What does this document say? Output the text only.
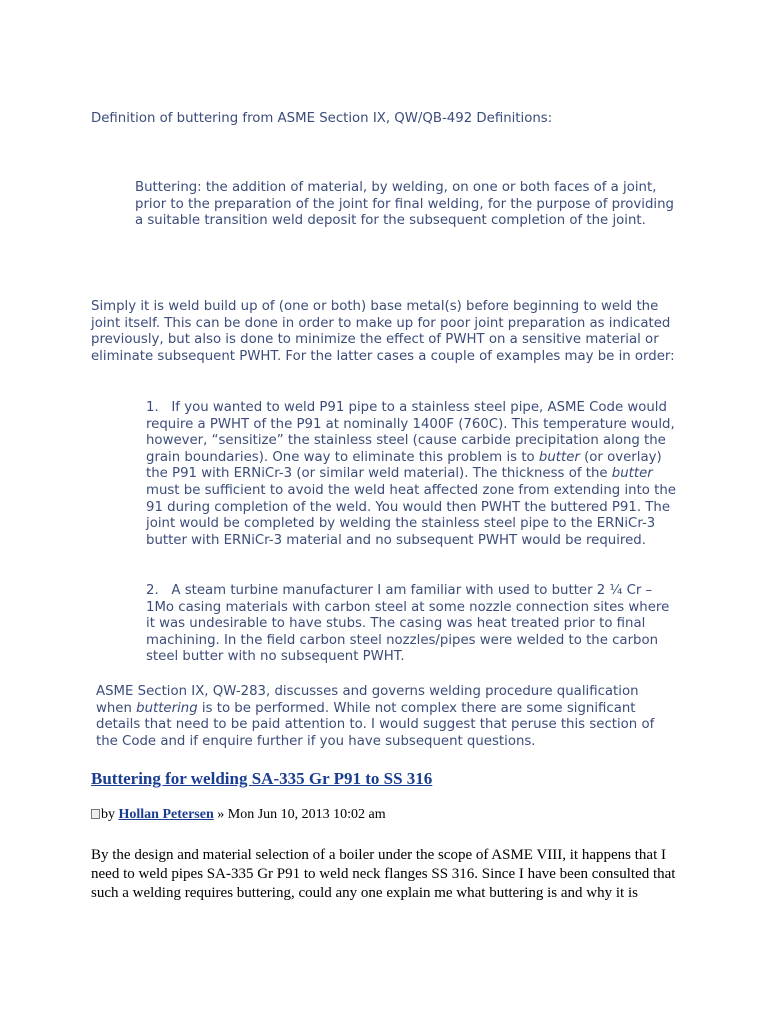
Definition of buttering from ASME Section IX, QW/QB-492 Definitions:

Buttering: the addition of material, by welding, on one or both faces of a joint, prior to the preparation of the joint for final welding, for the purpose of providing a suitable transition weld deposit for the subsequent completion of the joint.

Simply it is weld build up of (one or both) base metal(s) before beginning to weld the joint itself. This can be done in order to make up for poor joint preparation as indicated previously, but also is done to minimize the effect of PWHT on a sensitive material or eliminate subsequent PWHT. For the latter cases a couple of examples may be in order:

1. If you wanted to weld P91 pipe to a stainless steel pipe, ASME Code would require a PWHT of the P91 at nominally 1400F (760C). This temperature would, however, “sensitize” the stainless steel (cause carbide precipitation along the grain boundaries). One way to eliminate this problem is to butter (or overlay) the P91 with ERNiCr-3 (or similar weld material). The thickness of the butter must be sufficient to avoid the weld heat affected zone from extending into the 91 during completion of the weld. You would then PWHT the buttered P91. The joint would be completed by welding the stainless steel pipe to the ERNiCr-3 butter with ERNiCr-3 material and no subsequent PWHT would be required.
2. A steam turbine manufacturer I am familiar with used to butter 2 ¼ Cr – 1Mo casing materials with carbon steel at some nozzle connection sites where it was undesirable to have stubs. The casing was heat treated prior to final machining. In the field carbon steel nozzles/pipes were welded to the carbon steel butter with no subsequent PWHT.

ASME Section IX, QW-283, discusses and governs welding procedure qualification when buttering is to be performed. While not complex there are some significant details that need to be paid attention to. I would suggest that peruse this section of the Code and if enquire further if you have subsequent questions.

Buttering for welding SA-335 Gr P91 to SS 316
by Hollan Petersen » Mon Jun 10, 2013 10:02 am

By the design and material selection of a boiler under the scope of ASME VIII, it happens that I need to weld pipes SA-335 Gr P91 to weld neck flanges SS 316. Since I have been consulted that such a welding requires buttering, could any one explain me what buttering is and why it is
